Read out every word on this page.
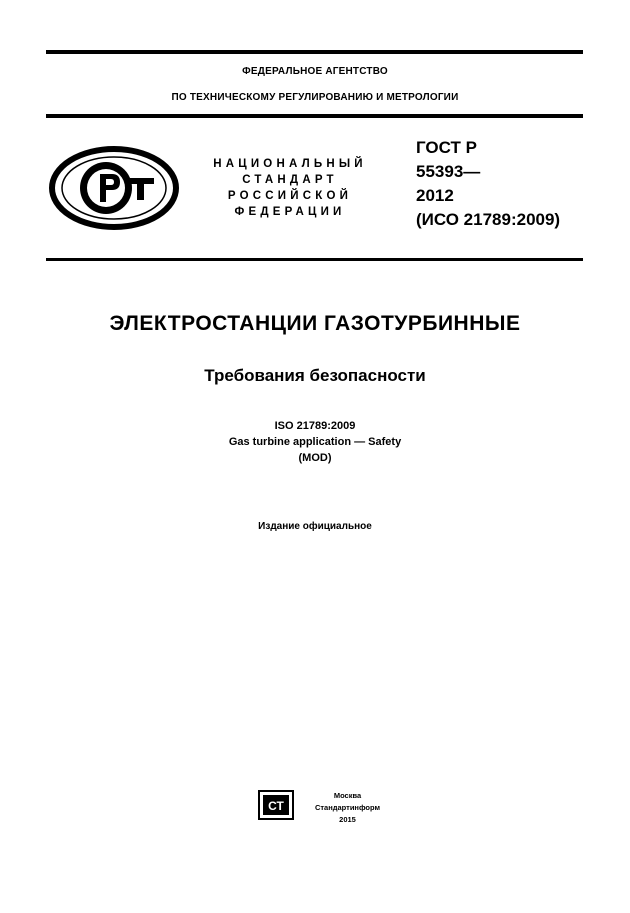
ФЕДЕРАЛЬНОЕ АГЕНТСТВО
ПО ТЕХНИЧЕСКОМУ РЕГУЛИРОВАНИЮ И МЕТРОЛОГИИ
НАЦИОНАЛЬНЫЙ
СТАНДАРТ
РОССИЙСКОЙ
ФЕДЕРАЦИИ
ГОСТ Р
55393—
2012
(ИСО 21789:2009)
ЭЛЕКТРОСТАНЦИИ ГАЗОТУРБИННЫЕ
Требования безопасности
ISO 21789:2009
Gas turbine application — Safety
(MOD)
Издание официальное
СТ
Москва
Стандартинформ
2015
